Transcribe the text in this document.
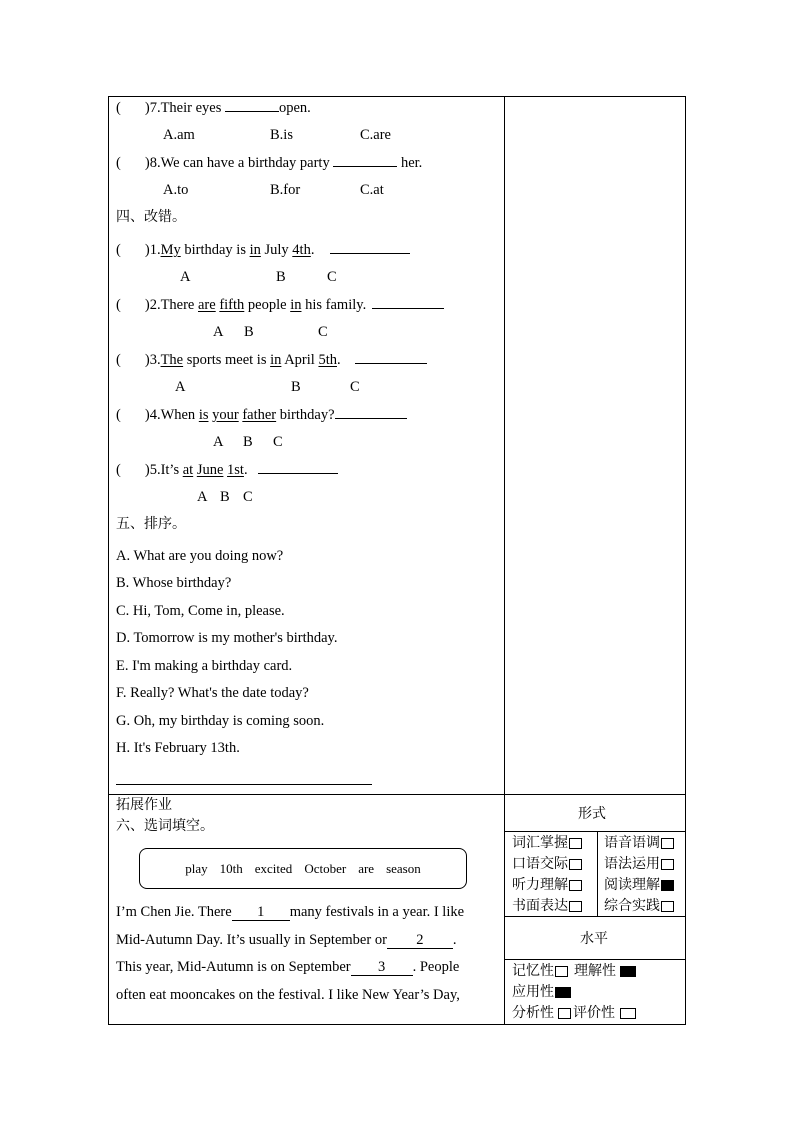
( )7.Their eyes	open.
A.am	B.is	C.are
( )8.We can have a birthday party	her.
A.to	B.for	C.at
四、改错。
( )1.My birthday is in July 4th.
A	B	C
( )2.There are fifth people in his family.
A B	C
( )3.The sports meet is in April 5th.
A	B	C
( )4.When is your father birthday?
A B C
( )5.It’s at June 1st.
A B C
五、排序。
A. What are you doing now?
B. Whose birthday?
C. Hi, Tom, Come in, please.
D. Tomorrow is my mother's birthday.
E. I'm making a birthday card.
F. Really? What's the date today?
G. Oh, my birthday is coming soon.
H. It's February 13th.
拓展作业
六、选词填空。
play 10th excited October are season
I’m Chen Jie. There 1 many festivals in a year. I like
Mid-Autumn Day. It’s usually in September or 2 .
This year, Mid-Autumn is on September 3 . People
often eat mooncakes on the festival. I like New Year’s Day,
形式
词汇掌握	语音语调
口语交际	语法运用
听力理解	阅读理解
书面表达	综合实践
水平
记忆性 理解性
应用性
分析性 评价性
